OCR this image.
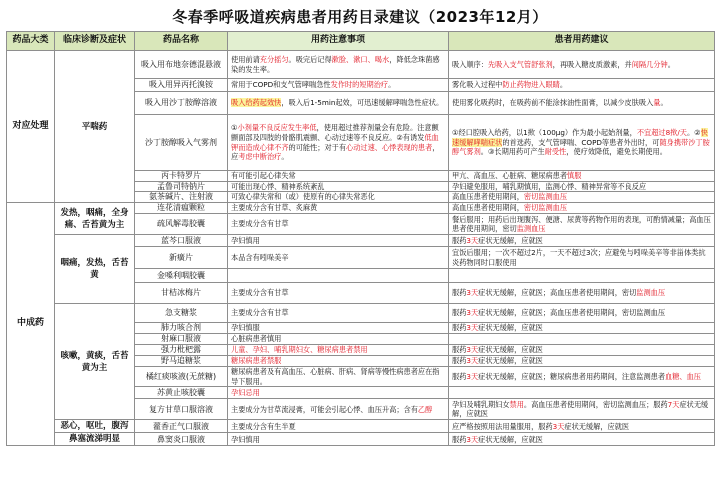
冬春季呼吸道疾病患者用药目录建议（2023年12月）
药品大类	临床诊断及症状	药品名称	用药注意事项	患者用药建议
对应处理	平喘药	吸入用布地奈德混悬液	使用前请充分摇匀。吸完后记得漱脸、漱口、喝水，降低念珠菌感染的发生率。	吸入顺序：先吸入支气管舒张剂，再吸入糖皮质激素，并间隔几分钟。
		吸入用异丙托溴铵	常用于COPD和支气管哮喘急性发作时的短期治疗。	雾化吸入过程中防止药物进入眼睛。
		吸入用沙丁胺醇溶液	吸入给药起效快，吸入后1-5min起效，可迅速缓解哮喘急性症状。	使用雾化吸药时，在吸药前不能涂抹油性面膏，以减少皮肤吸入量。
		沙丁胺醇吸入气雾剂	①小剂量不良反应发生率低，使用超过推荐剂量会有危险。注意颤颤面部及四肢的骨骼肌震颤、心动过速等不良反应。②有诱发低血钾而造成心律不齐的可能性；对于有心动过速、心悸表现的患者，应考虑中断治疗。	①经口腔吸入给药，以1揿（100μg）作为最小起始剂量，不宜超过8揿/天。②快速缓解哮喘症状的首选药，支气管哮喘、COPD等患者外出时，可随身携带沙丁胺醇气雾剂。③长期用药可产生耐受性，使疗效降低，避免长期使用。
		丙卡特罗片	有可能引起心律失常	甲亢、高血压、心脏病、糖尿病患者慎服
		孟鲁司特钠片	可能出现心悸、精神系统紊乱	孕妇避免服用，哺乳期慎用，监测心悸、精神异常等不良反应
		氨茶碱片、注射液	可致心律失常和（或）使原有的心律失常恶化	高血压患者使用期间，密切监测血压
中成药	发热，咽痛，全身痛、舌苔黄为主	连花清瘟颗粒	主要成分含有甘草、炙麻黄	高血压患者使用期间，密切监测血压
		疏风解毒胶囊	主要成分含有甘草	餐后服用；用药后出现腹泻、便溏、尿黄等药物作用的表现，可酌情减量；高血压患者使用期间，密切监测血压
	咽痛，发热，舌苔黄	蓝芩口服液	孕妇慎用	服药3天症状无缓解，应就医
		新癀片	本品含有吲哚美辛	宜饭后服用；一次不超过2片，一天不超过3次；应避免与吲哚美辛等非甾体类抗炎药物同时口服使用
		金嗓利咽胶囊		
		甘桔冰梅片	主要成分含有甘草	服药3天症状无缓解，应就医；高血压患者使用期间，密切监测血压
	咳嗽，黄痰，舌苔黄为主	急支糖浆	主要成分含有甘草	服药3天症状无缓解，应就医；高血压患者使用期间，密切监测血压
		肺力咳合剂	孕妇慎服	服药3天症状无缓解，应就医
		射麻口服液	心脏病患者慎用	
		强力枇杷露	儿童、孕妇、哺乳期妇女、糖尿病患者禁用	服药3天症状无缓解，应就医
		野马追糖浆	糖尿病患者禁服	服药3天症状无缓解，应就医
		橘红痰咳液(无蔗糖)	糖尿病患者及有高血压、心脏病、肝病、肾病等慢性病患者应在指导下服用。	服药3天症状无缓解，应就医；糖尿病患者用药期间，注意监测患者血糖、血压
		苏黄止咳胶囊	孕妇忌用	
		复方甘草口服溶液	主要成分为甘草流浸膏，可能会引起心悸、血压升高；含有乙醇	孕妇及哺乳期妇女禁用。高血压患者使用期间，密切监测血压；服药7天症状无缓解，应就医
	恶心，呕吐，腹泻	藿香正气口服液	主要成分含有生半夏	应严格按照用法用量服用，服药3天症状无缓解，应就医
	鼻塞流涕明显	鼻窦炎口服液	孕妇慎用	服药3天症状无缓解，应就医
